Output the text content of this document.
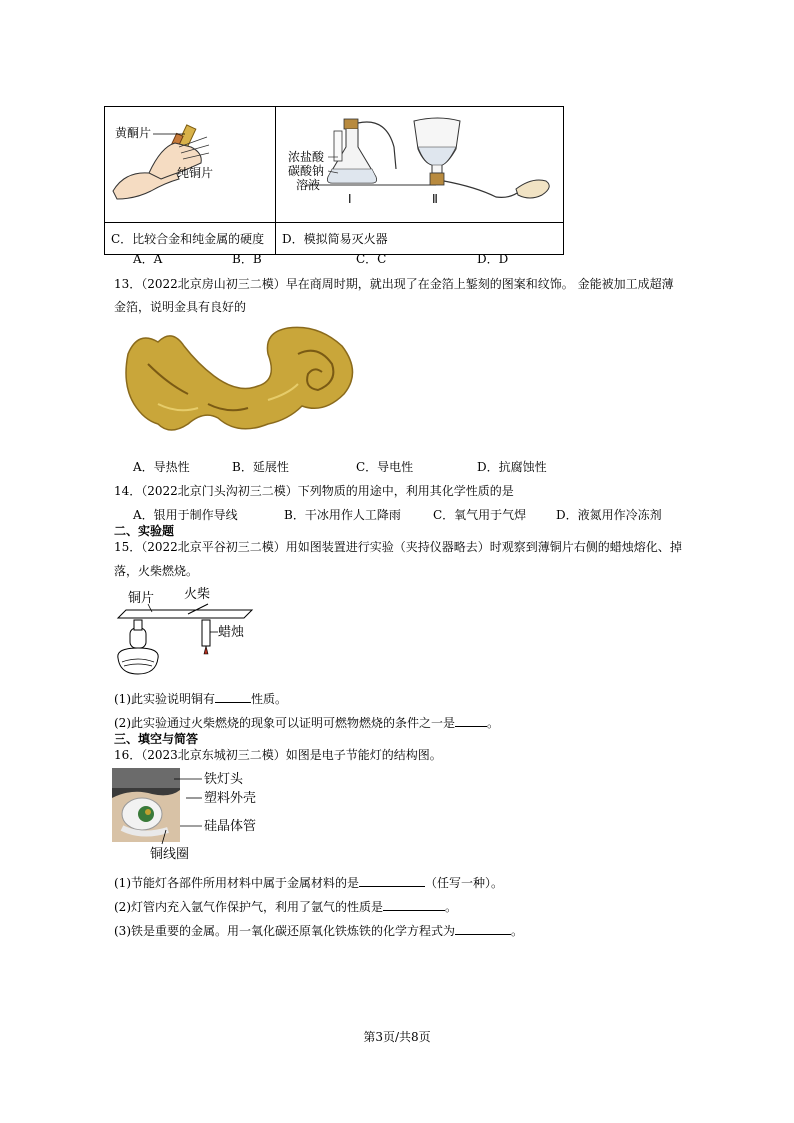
黄酮片
纯铜片	Ⅰ Ⅱ
浓盐酸
碳酸钠
溶液

C．比较合金和纯金属的硬度	D．模拟简易灭火器
A．A	B．B	C．C	D．D
13．（2022北京房山初三二模）早在商周时期，就出现了在金箔上錾刻的图案和纹饰。 金能被加工成超薄
金箔，说明金具有良好的
A．导热性	B．延展性	C．导电性	D．抗腐蚀性
14．（2022北京门头沟初三二模）下列物质的用途中，利用其化学性质的是
A．银用于制作导线	B．干冰用作人工降雨	C．氧气用于气焊 D．液氮用作冷冻剂
二、实验题
15．（2022北京平谷初三二模）用如图装置进行实验（夹持仪器略去）时观察到薄铜片右侧的蜡烛熔化、掉
落，火柴燃烧。
铜片 火柴
蜡烛
(1)此实验说明铜有	性质。
(2)此实验通过火柴燃烧的现象可以证明可燃物燃烧的条件之一是	。
三、填空与简答
16．（2023北京东城初三二模）如图是电子节能灯的结构图。
铁灯头
塑料外壳
硅晶体管
铜线圈
(1)节能灯各部件所用材料中属于金属材料的是	（任写一种）。
(2)灯管内充入氩气作保护气，利用了氩气的性质是	。
(3)铁是重要的金属。用一氧化碳还原氧化铁炼铁的化学方程式为	。
第3页/共8页
